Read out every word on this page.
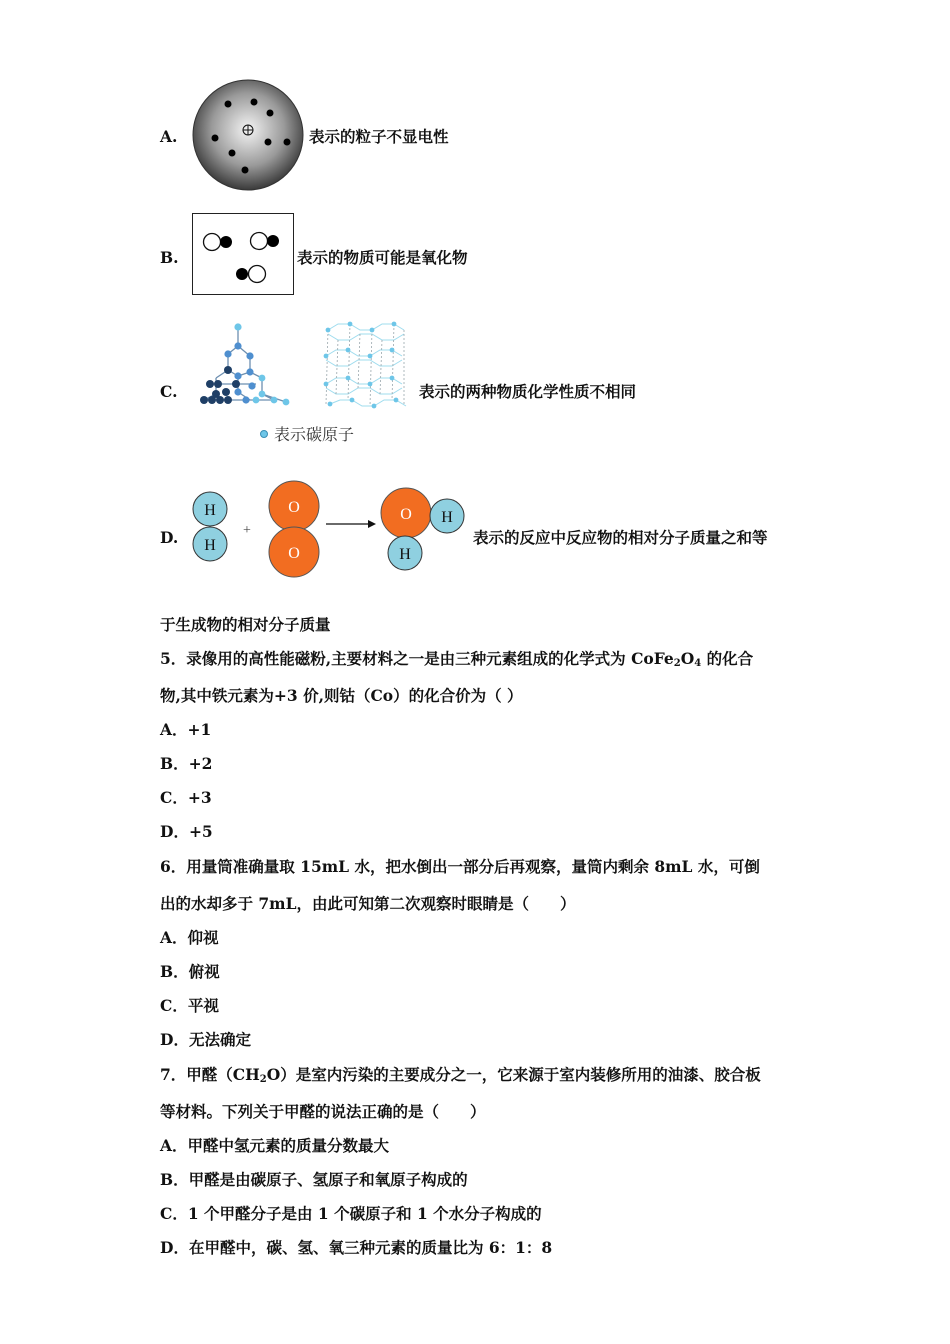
A.	表示的粒子不显电性
B.	表示的物质可能是氧化物
C.	表示的两种物质化学性质不相同
表示碳原子
D.
H
H
+
O
O
O H
H
表示的反应中反应物的相对分子质量之和等
于生成物的相对分子质量
5．录像用的高性能磁粉,主要材料之一是由三种元素组成的化学式为 $CoFe_2O_4$ 的化合
物,其中铁元素为+3 价,则钴（Co）的化合价为（ ）
A．+1
B．+2
C．+3
D．+5
6．用量筒准确量取 15mL 水，把水倒出一部分后再观察，量筒内剩余 8mL 水，可倒
出的水却多于 7mL，由此可知第二次观察时眼睛是（　　）
A．仰视
B．俯视
C．平视
D．无法确定
7．甲醛$(CH_2O)$是室内污染的主要成分之一，它来源于室内装修所用的油漆、胶合板
等材料。下列关于甲醛的说法正确的是（　　）
A．甲醛中氢元素的质量分数最大
B．甲醛是由碳原子、氢原子和氧原子构成的
C．1 个甲醛分子是由 1 个碳原子和 1 个水分子构成的
D．在甲醛中，碳、氢、氧三种元素的质量比为 6：1：8
